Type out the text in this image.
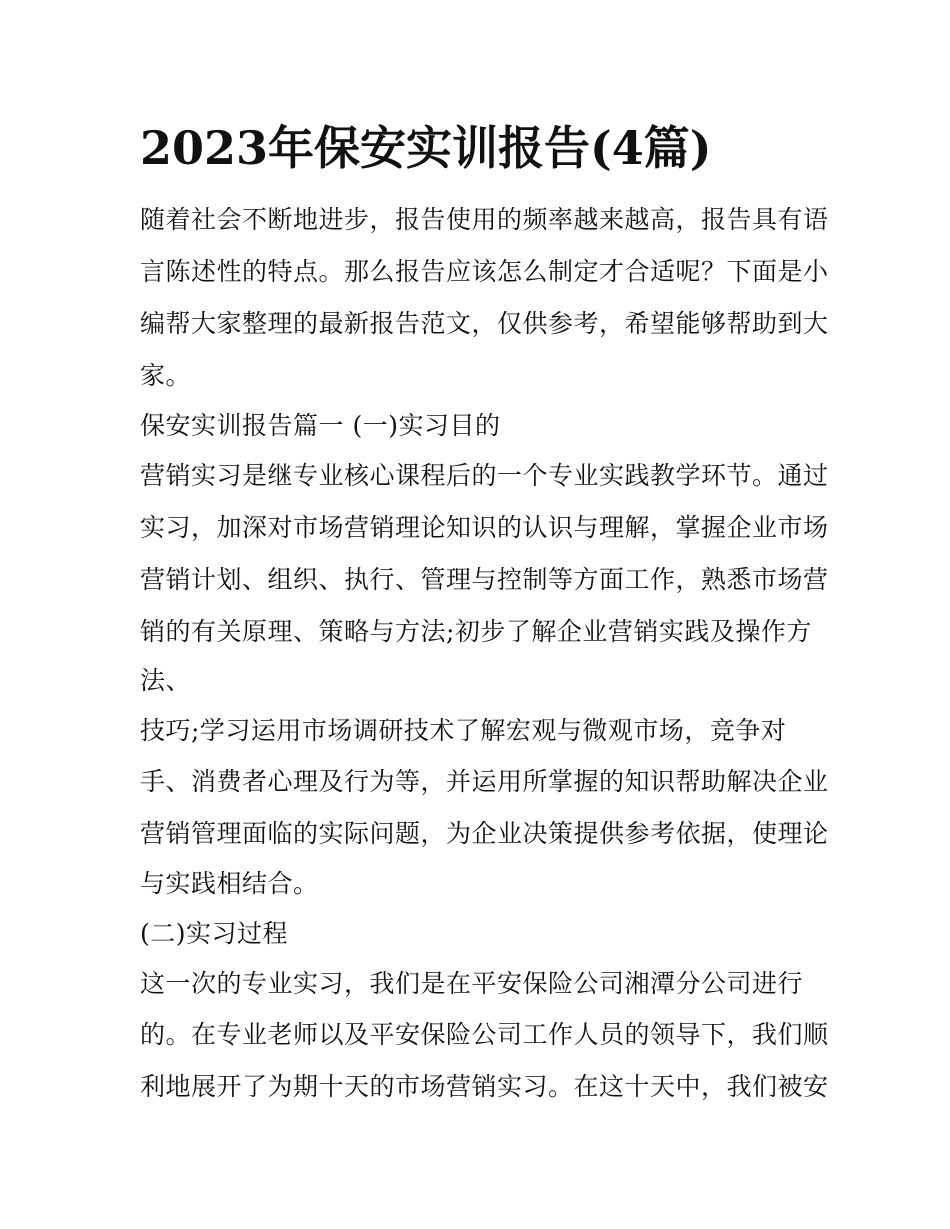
2023年保安实训报告(4篇)

随着社会不断地进步，报告使用的频率越来越高，报告具有语

言陈述性的特点。那么报告应该怎么制定才合适呢？下面是小

编帮大家整理的最新报告范文，仅供参考，希望能够帮助到大

家。

保安实训报告篇一 (一)实习目的

营销实习是继专业核心课程后的一个专业实践教学环节。通过

实习，加深对市场营销理论知识的认识与理解，掌握企业市场

营销计划、组织、执行、管理与控制等方面工作，熟悉市场营

销的有关原理、策略与方法;初步了解企业营销实践及操作方

法、

技巧;学习运用市场调研技术了解宏观与微观市场，竞争对

手、消费者心理及行为等，并运用所掌握的知识帮助解决企业

营销管理面临的实际问题，为企业决策提供参考依据，使理论

与实践相结合。

(二)实习过程

这一次的专业实习，我们是在平安保险公司湘潭分公司进行

的。在专业老师以及平安保险公司工作人员的领导下，我们顺

利地展开了为期十天的市场营销实习。在这十天中，我们被安
